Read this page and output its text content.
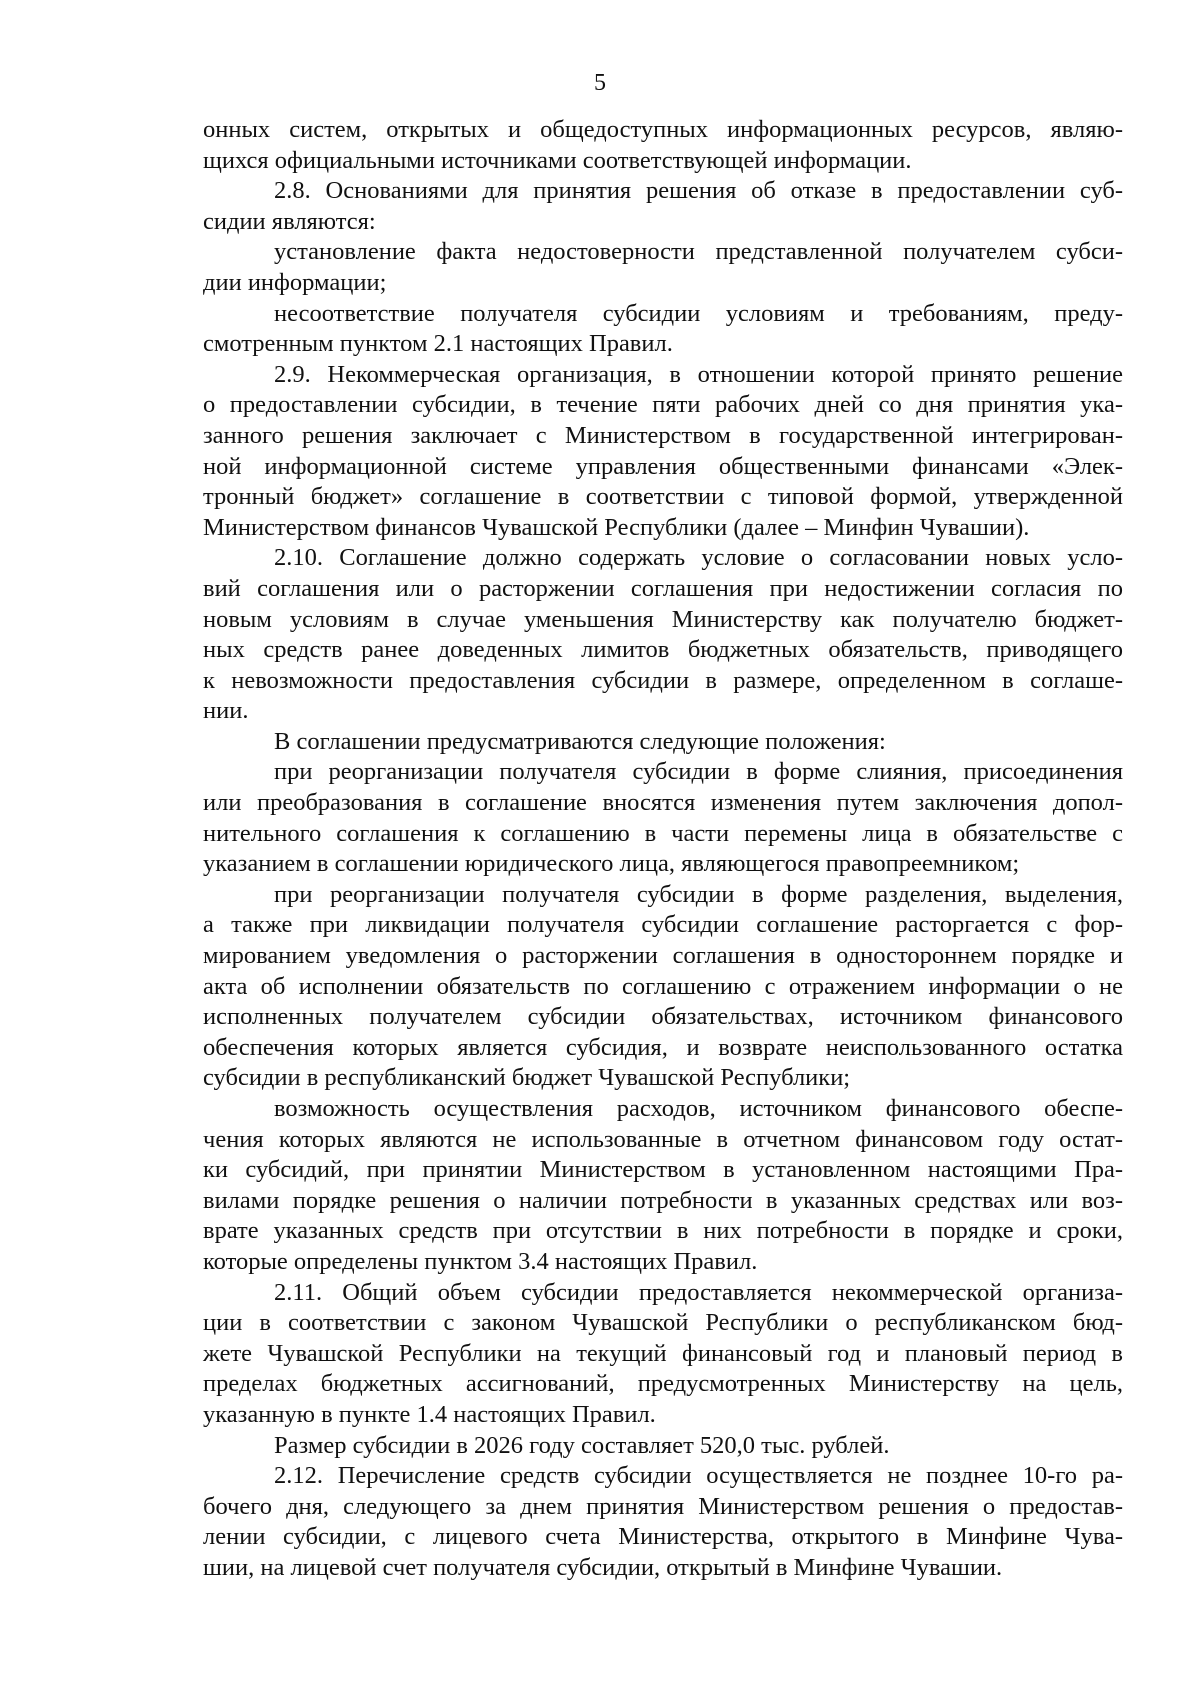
5
онных систем, открытых и общедоступных информационных ресурсов, являю-
щихся официальными источниками соответствующей информации.
2.8. Основаниями для принятия решения об отказе в предоставлении суб-
сидии являются:
установление факта недостоверности представленной получателем субси-
дии информации;
несоответствие получателя субсидии условиям и требованиям, преду-
смотренным пунктом 2.1 настоящих Правил.
2.9. Некоммерческая организация, в отношении которой принято решение
о предоставлении субсидии, в течение пяти рабочих дней со дня принятия ука-
занного решения заключает с Министерством в государственной интегрирован-
ной информационной системе управления общественными финансами «Элек-
тронный бюджет» соглашение в соответствии с типовой формой, утвержденной
Министерством финансов Чувашской Республики (далее – Минфин Чувашии).
2.10. Соглашение должно содержать условие о согласовании новых усло-
вий соглашения или о расторжении соглашения при недостижении согласия по
новым условиям в случае уменьшения Министерству как получателю бюджет-
ных средств ранее доведенных лимитов бюджетных обязательств, приводящего
к невозможности предоставления субсидии в размере, определенном в соглаше-
нии.
В соглашении предусматриваются следующие положения:
при реорганизации получателя субсидии в форме слияния, присоединения
или преобразования в соглашение вносятся изменения путем заключения допол-
нительного соглашения к соглашению в части перемены лица в обязательстве с
указанием в соглашении юридического лица, являющегося правопреемником;
при реорганизации получателя субсидии в форме разделения, выделения,
а также при ликвидации получателя субсидии соглашение расторгается с фор-
мированием уведомления о расторжении соглашения в одностороннем порядке и
акта об исполнении обязательств по соглашению с отражением информации о не
исполненных получателем субсидии обязательствах, источником финансового
обеспечения которых является субсидия, и возврате неиспользованного остатка
субсидии в республиканский бюджет Чувашской Республики;
возможность осуществления расходов, источником финансового обеспе-
чения которых являются не использованные в отчетном финансовом году остат-
ки субсидий, при принятии Министерством в установленном настоящими Пра-
вилами порядке решения о наличии потребности в указанных средствах или воз-
врате указанных средств при отсутствии в них потребности в порядке и сроки,
которые определены пунктом 3.4 настоящих Правил.
2.11. Общий объем субсидии предоставляется некоммерческой организа-
ции в соответствии с законом Чувашской Республики о республиканском бюд-
жете Чувашской Республики на текущий финансовый год и плановый период в
пределах бюджетных ассигнований, предусмотренных Министерству на цель,
указанную в пункте 1.4 настоящих Правил.
Размер субсидии в 2026 году составляет 520,0 тыс. рублей.
2.12. Перечисление средств субсидии осуществляется не позднее 10-го ра-
бочего дня, следующего за днем принятия Министерством решения о предостав-
лении субсидии, с лицевого счета Министерства, открытого в Минфине Чува-
шии, на лицевой счет получателя субсидии, открытый в Минфине Чувашии.
